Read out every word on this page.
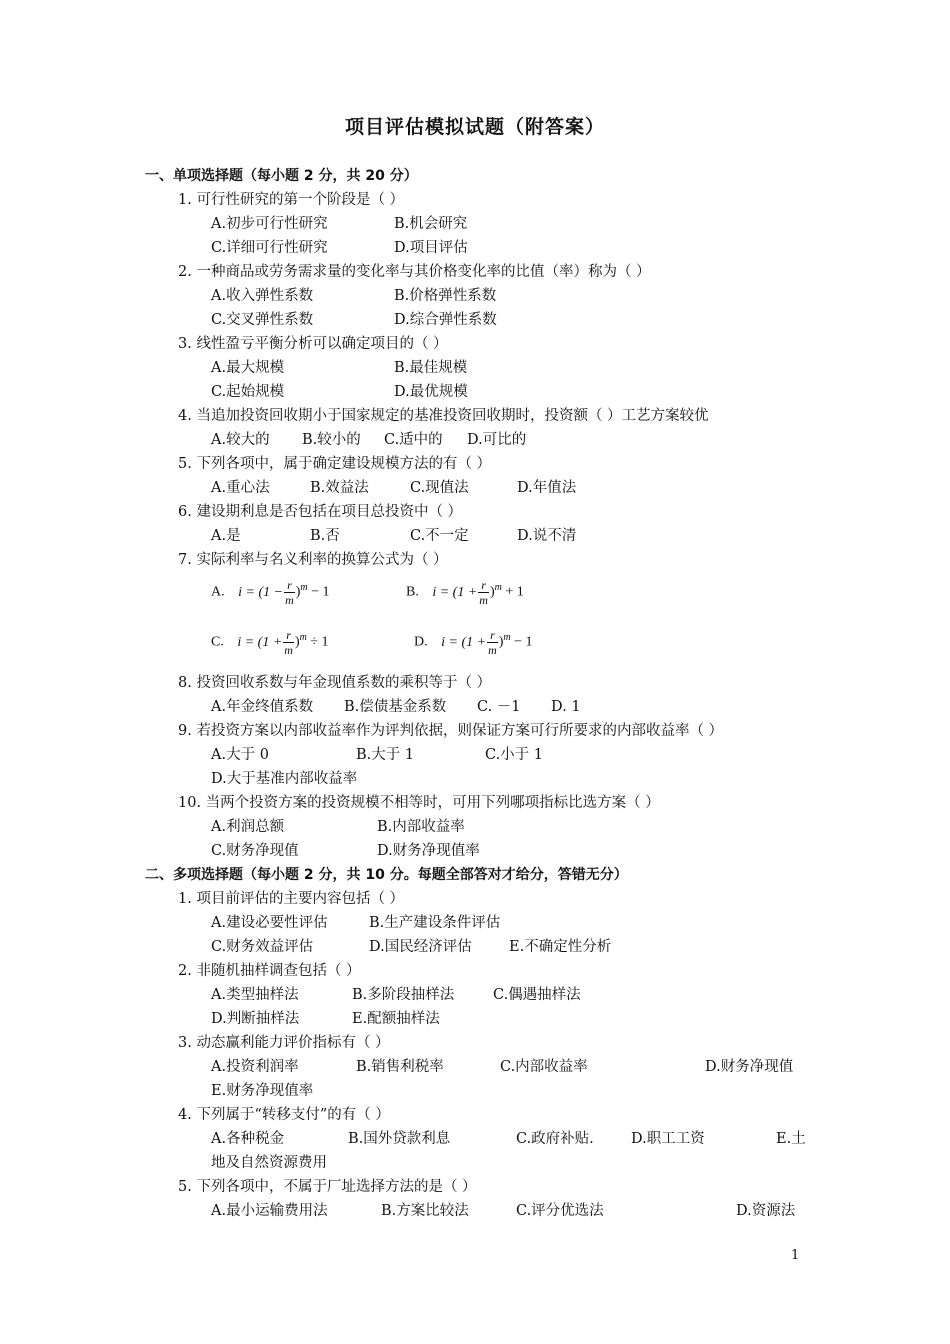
项目评估模拟试题（附答案）
一、单项选择题（每小题 2 分，共 20 分）
1. 可行性研究的第一个阶段是（ ）
A.初步可行性研究	B.机会研究
C.详细可行性研究	D.项目评估
2. 一种商品或劳务需求量的变化率与其价格变化率的比值（率）称为（ ）
A.收入弹性系数	B.价格弹性系数
C.交叉弹性系数	D.综合弹性系数
3. 线性盈亏平衡分析可以确定项目的（ ）
A.最大规模	B.最佳规模
C.起始规模	D.最优规模
4. 当追加投资回收期小于国家规定的基准投资回收期时，投资额（ ）工艺方案较优
A.较大的 B.较小的 C.适中的 D.可比的
5. 下列各项中，属于确定建设规模方法的有（ ）
A.重心法	B.效益法	C.现值法	D.年值法
6. 建设期利息是否包括在项目总投资中（ ）
A.是	B.否	C.不一定	D.说不清
7. 实际利率与名义利率的换算公式为（ ）
A. $i = (1 - \frac{r}{m} )^m - 1$	B. $i = (1 + \frac{r}{m} )^m + 1$
C. $i = (1 + \frac{r}{m} )^m \div 1$	D. $i = (1 + \frac{r}{m} )^m - 1$
8. 投资回收系数与年金现值系数的乘积等于（ ）
A.年金终值系数 B.偿债基金系数 C. －1 D. 1
9. 若投资方案以内部收益率作为评判依据，则保证方案可行所要求的内部收益率（ ）
A.大于 0	B.大于 1	C.小于 1
D.大于基准内部收益率
10. 当两个投资方案的投资规模不相等时，可用下列哪项指标比选方案（ ）
A.利润总额	B.内部收益率
C.财务净现值	D.财务净现值率
二、多项选择题（每小题 2 分，共 10 分。每题全部答对才给分，答错无分）
1. 项目前评估的主要内容包括（ ）
A.建设必要性评估	B.生产建设条件评估
C.财务效益评估	D.国民经济评估	E.不确定性分析
2. 非随机抽样调查包括（ ）
A.类型抽样法	B.多阶段抽样法	C.偶遇抽样法
D.判断抽样法	E.配额抽样法
3. 动态赢利能力评价指标有（ ）
A.投资利润率	B.销售利税率	C.内部收益率	D.财务净现值
E.财务净现值率
4. 下列属于“转移支付”的有（ ）
A.各种税金	B.国外贷款利息	C.政府补贴.	D.职工工资	E.土
地及自然资源费用
5. 下列各项中，不属于厂址选择方法的是（ ）
A.最小运输费用法	B.方案比较法	C.评分优选法	D.资源法
1
